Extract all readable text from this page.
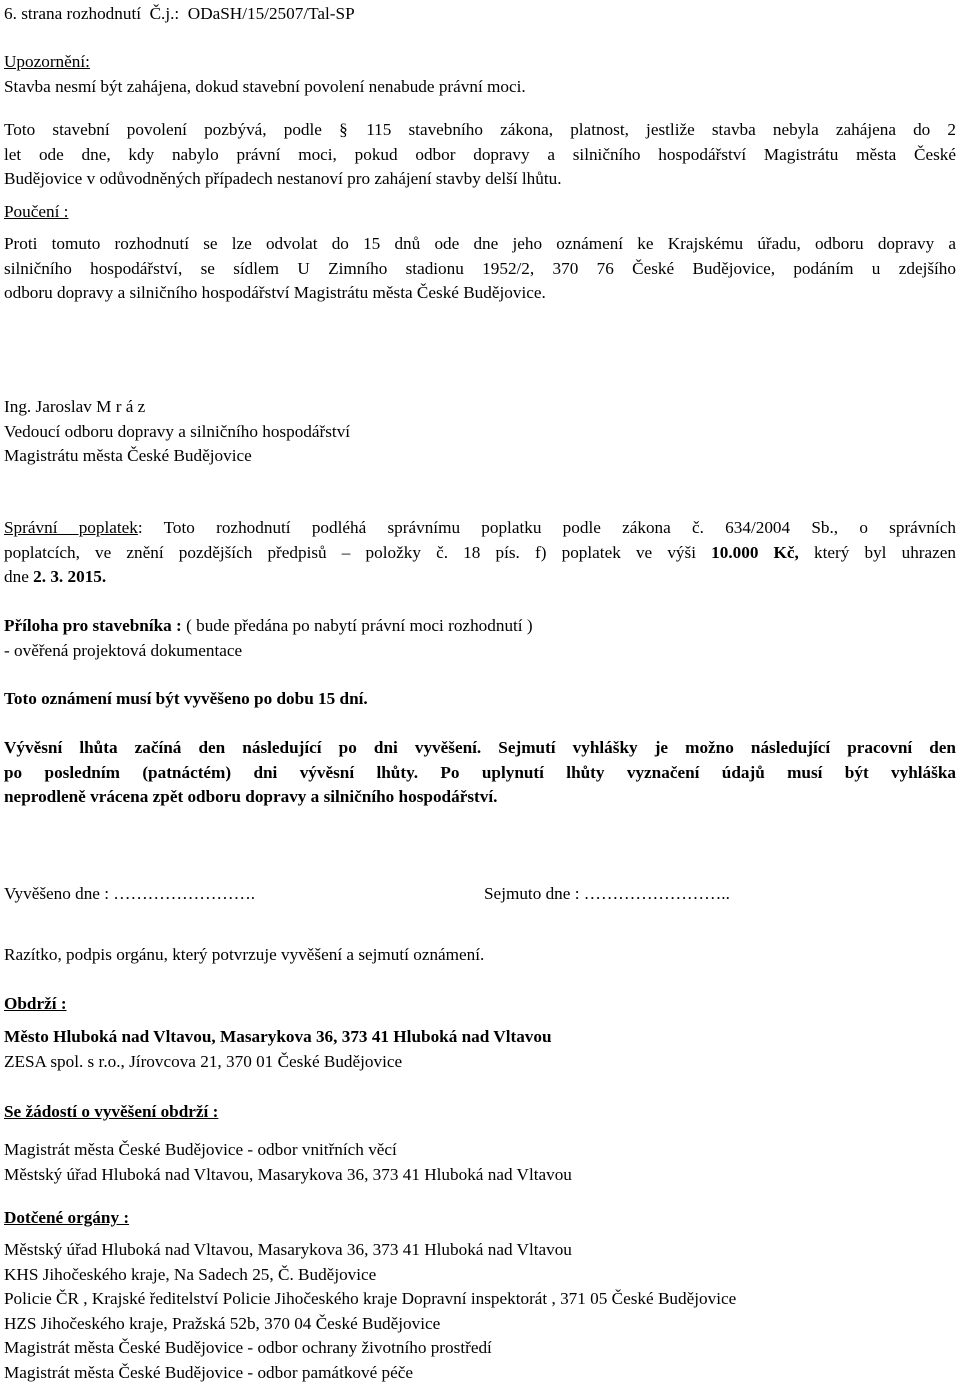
6. strana rozhodnutí Č.j.: ODaSH/15/2507/Tal-SP
Upozornění:
Stavba nesmí být zahájena, dokud stavební povolení nenabude právní moci.
Toto stavební povolení pozbývá, podle § 115 stavebního zákona, platnost, jestliže stavba nebyla zahájena do 2
let ode dne, kdy nabylo právní moci, pokud odbor dopravy a silničního hospodářství Magistrátu města České
Budějovice v odůvodněných případech nestanoví pro zahájení stavby delší lhůtu.
Poučení :
Proti tomuto rozhodnutí se lze odvolat do 15 dnů ode dne jeho oznámení ke Krajskému úřadu, odboru dopravy a
silničního hospodářství, se sídlem U Zimního stadionu 1952/2, 370 76 České Budějovice, podáním u zdejšího
odboru dopravy a silničního hospodářství Magistrátu města České Budějovice.
Ing. Jaroslav M r á z
Vedoucí odboru dopravy a silničního hospodářství
Magistrátu města České Budějovice
Správní poplatek: Toto rozhodnutí podléhá správnímu poplatku podle zákona č. 634/2004 Sb., o správních
poplatcích, ve znění pozdějších předpisů – položky č. 18 pís. f) poplatek ve výši 10.000 Kč, který byl uhrazen
dne 2. 3. 2015.
Příloha pro stavebníka : ( bude předána po nabytí právní moci rozhodnutí )
- ověřená projektová dokumentace
Toto oznámení musí být vyvěšeno po dobu 15 dní.
Vývěsní lhůta začíná den následující po dni vyvěšení. Sejmutí vyhlášky je možno následující pracovní den
po posledním (patnáctém) dni vývěsní lhůty. Po uplynutí lhůty vyznačení údajů musí být vyhláška
neprodleně vrácena zpět odboru dopravy a silničního hospodářství.
Vyvěšeno dne : …………………….	Sejmuto dne : ……………………..
Razítko, podpis orgánu, který potvrzuje vyvěšení a sejmutí oznámení.
Obdrží :
Město Hluboká nad Vltavou, Masarykova 36, 373 41 Hluboká nad Vltavou
ZESA spol. s r.o., Jírovcova 21, 370 01 České Budějovice
Se žádostí o vyvěšení obdrží :
Magistrát města České Budějovice - odbor vnitřních věcí
Městský úřad Hluboká nad Vltavou, Masarykova 36, 373 41 Hluboká nad Vltavou
Dotčené orgány :
Městský úřad Hluboká nad Vltavou, Masarykova 36, 373 41 Hluboká nad Vltavou
KHS Jihočeského kraje, Na Sadech 25, Č. Budějovice
Policie ČR , Krajské ředitelství Policie Jihočeského kraje Dopravní inspektorát , 371 05 České Budějovice
HZS Jihočeského kraje, Pražská 52b, 370 04 České Budějovice
Magistrát města České Budějovice - odbor ochrany životního prostředí
Magistrát města České Budějovice - odbor památkové péče
